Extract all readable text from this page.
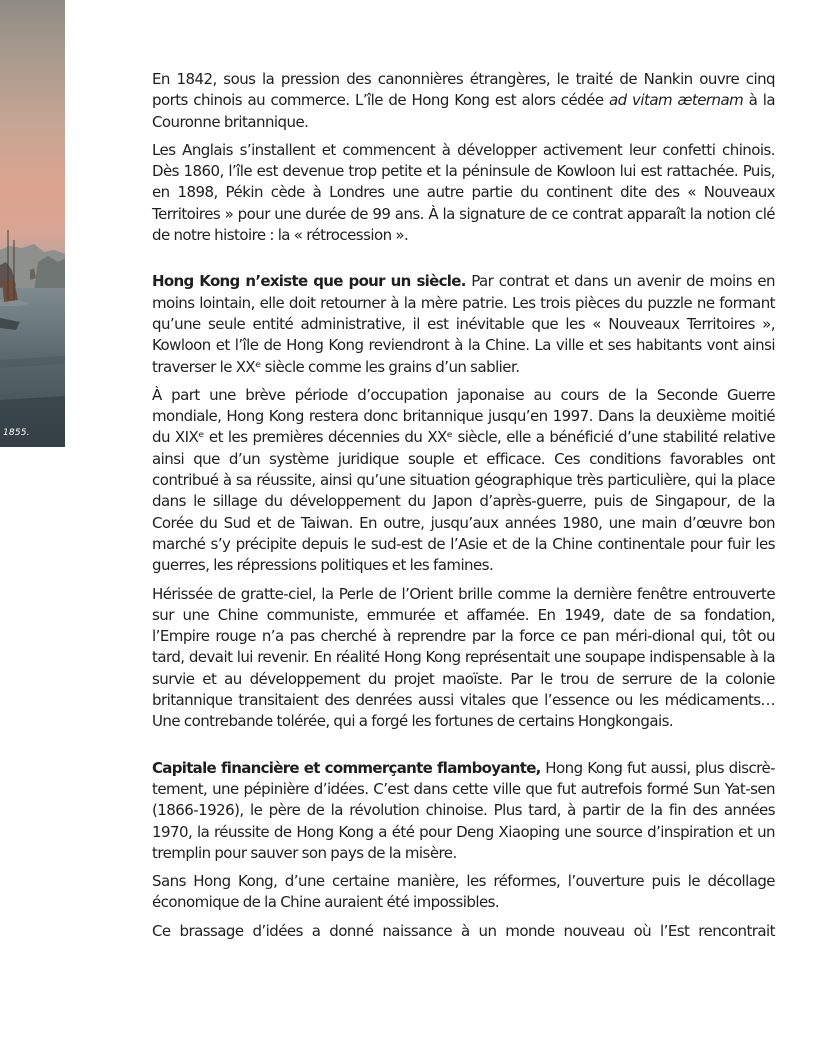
1855.

En 1842, sous la pression des canonnières étrangères, le traité de Nankin ouvre cinq ports chinois au commerce. L’île de Hong Kong est alors cédée ad vitam æternam à la Couronne britannique.

Les Anglais s’installent et commencent à développer activement leur confetti chinois. Dès 1860, l’île est devenue trop petite et la péninsule de Kowloon lui est rattachée. Puis, en 1898, Pékin cède à Londres une autre partie du continent dite des « Nouveaux Territoires » pour une durée de 99 ans. À la signature de ce contrat apparaît la notion clé de notre histoire : la « rétrocession ».

Hong Kong n’existe que pour un siècle. Par contrat et dans un avenir de moins en moins lointain, elle doit retourner à la mère patrie. Les trois pièces du puzzle ne formant qu’une seule entité administrative, il est inévitable que les « Nouveaux Territoires », Kowloon et l’île de Hong Kong reviendront à la Chine. La ville et ses habitants vont ainsi traverser le XXᵉ siècle comme les grains d’un sablier.

À part une brève période d’occupation japonaise au cours de la Seconde Guerre mondiale, Hong Kong restera donc britannique jusqu’en 1997. Dans la deuxième moitié du XIXᵉ et les premières décennies du XXᵉ siècle, elle a bénéficié d’une stabilité relative ainsi que d’un système juridique souple et efficace. Ces conditions favorables ont contribué à sa réussite, ainsi qu’une situation géographique très particulière, qui la place dans le sillage du développement du Japon d’après-guerre, puis de Singapour, de la Corée du Sud et de Taiwan. En outre, jusqu’aux années 1980, une main d’œuvre bon marché s’y précipite depuis le sud-est de l’Asie et de la Chine continentale pour fuir les guerres, les répressions politiques et les famines.

Hérissée de gratte-ciel, la Perle de l’Orient brille comme la dernière fenêtre entrouverte sur une Chine communiste, emmurée et affamée. En 1949, date de sa fondation, l’Empire rouge n’a pas cherché à reprendre par la force ce pan méri-dional qui, tôt ou tard, devait lui revenir. En réalité Hong Kong représentait une soupape indispensable à la survie et au développement du projet maoïste. Par le trou de serrure de la colonie britannique transitaient des denrées aussi vitales que l’essence ou les médicaments… Une contrebande tolérée, qui a forgé les fortunes de certains Hongkongais.

Capitale financière et commerçante flamboyante, Hong Kong fut aussi, plus discrè-tement, une pépinière d’idées. C’est dans cette ville que fut autrefois formé Sun Yat-sen (1866-1926), le père de la révolution chinoise. Plus tard, à partir de la fin des années 1970, la réussite de Hong Kong a été pour Deng Xiaoping une source d’inspiration et un tremplin pour sauver son pays de la misère.

Sans Hong Kong, d’une certaine manière, les réformes, l’ouverture puis le décollage économique de la Chine auraient été impossibles.

Ce brassage d’idées a donné naissance à un monde nouveau où l’Est rencontrait
